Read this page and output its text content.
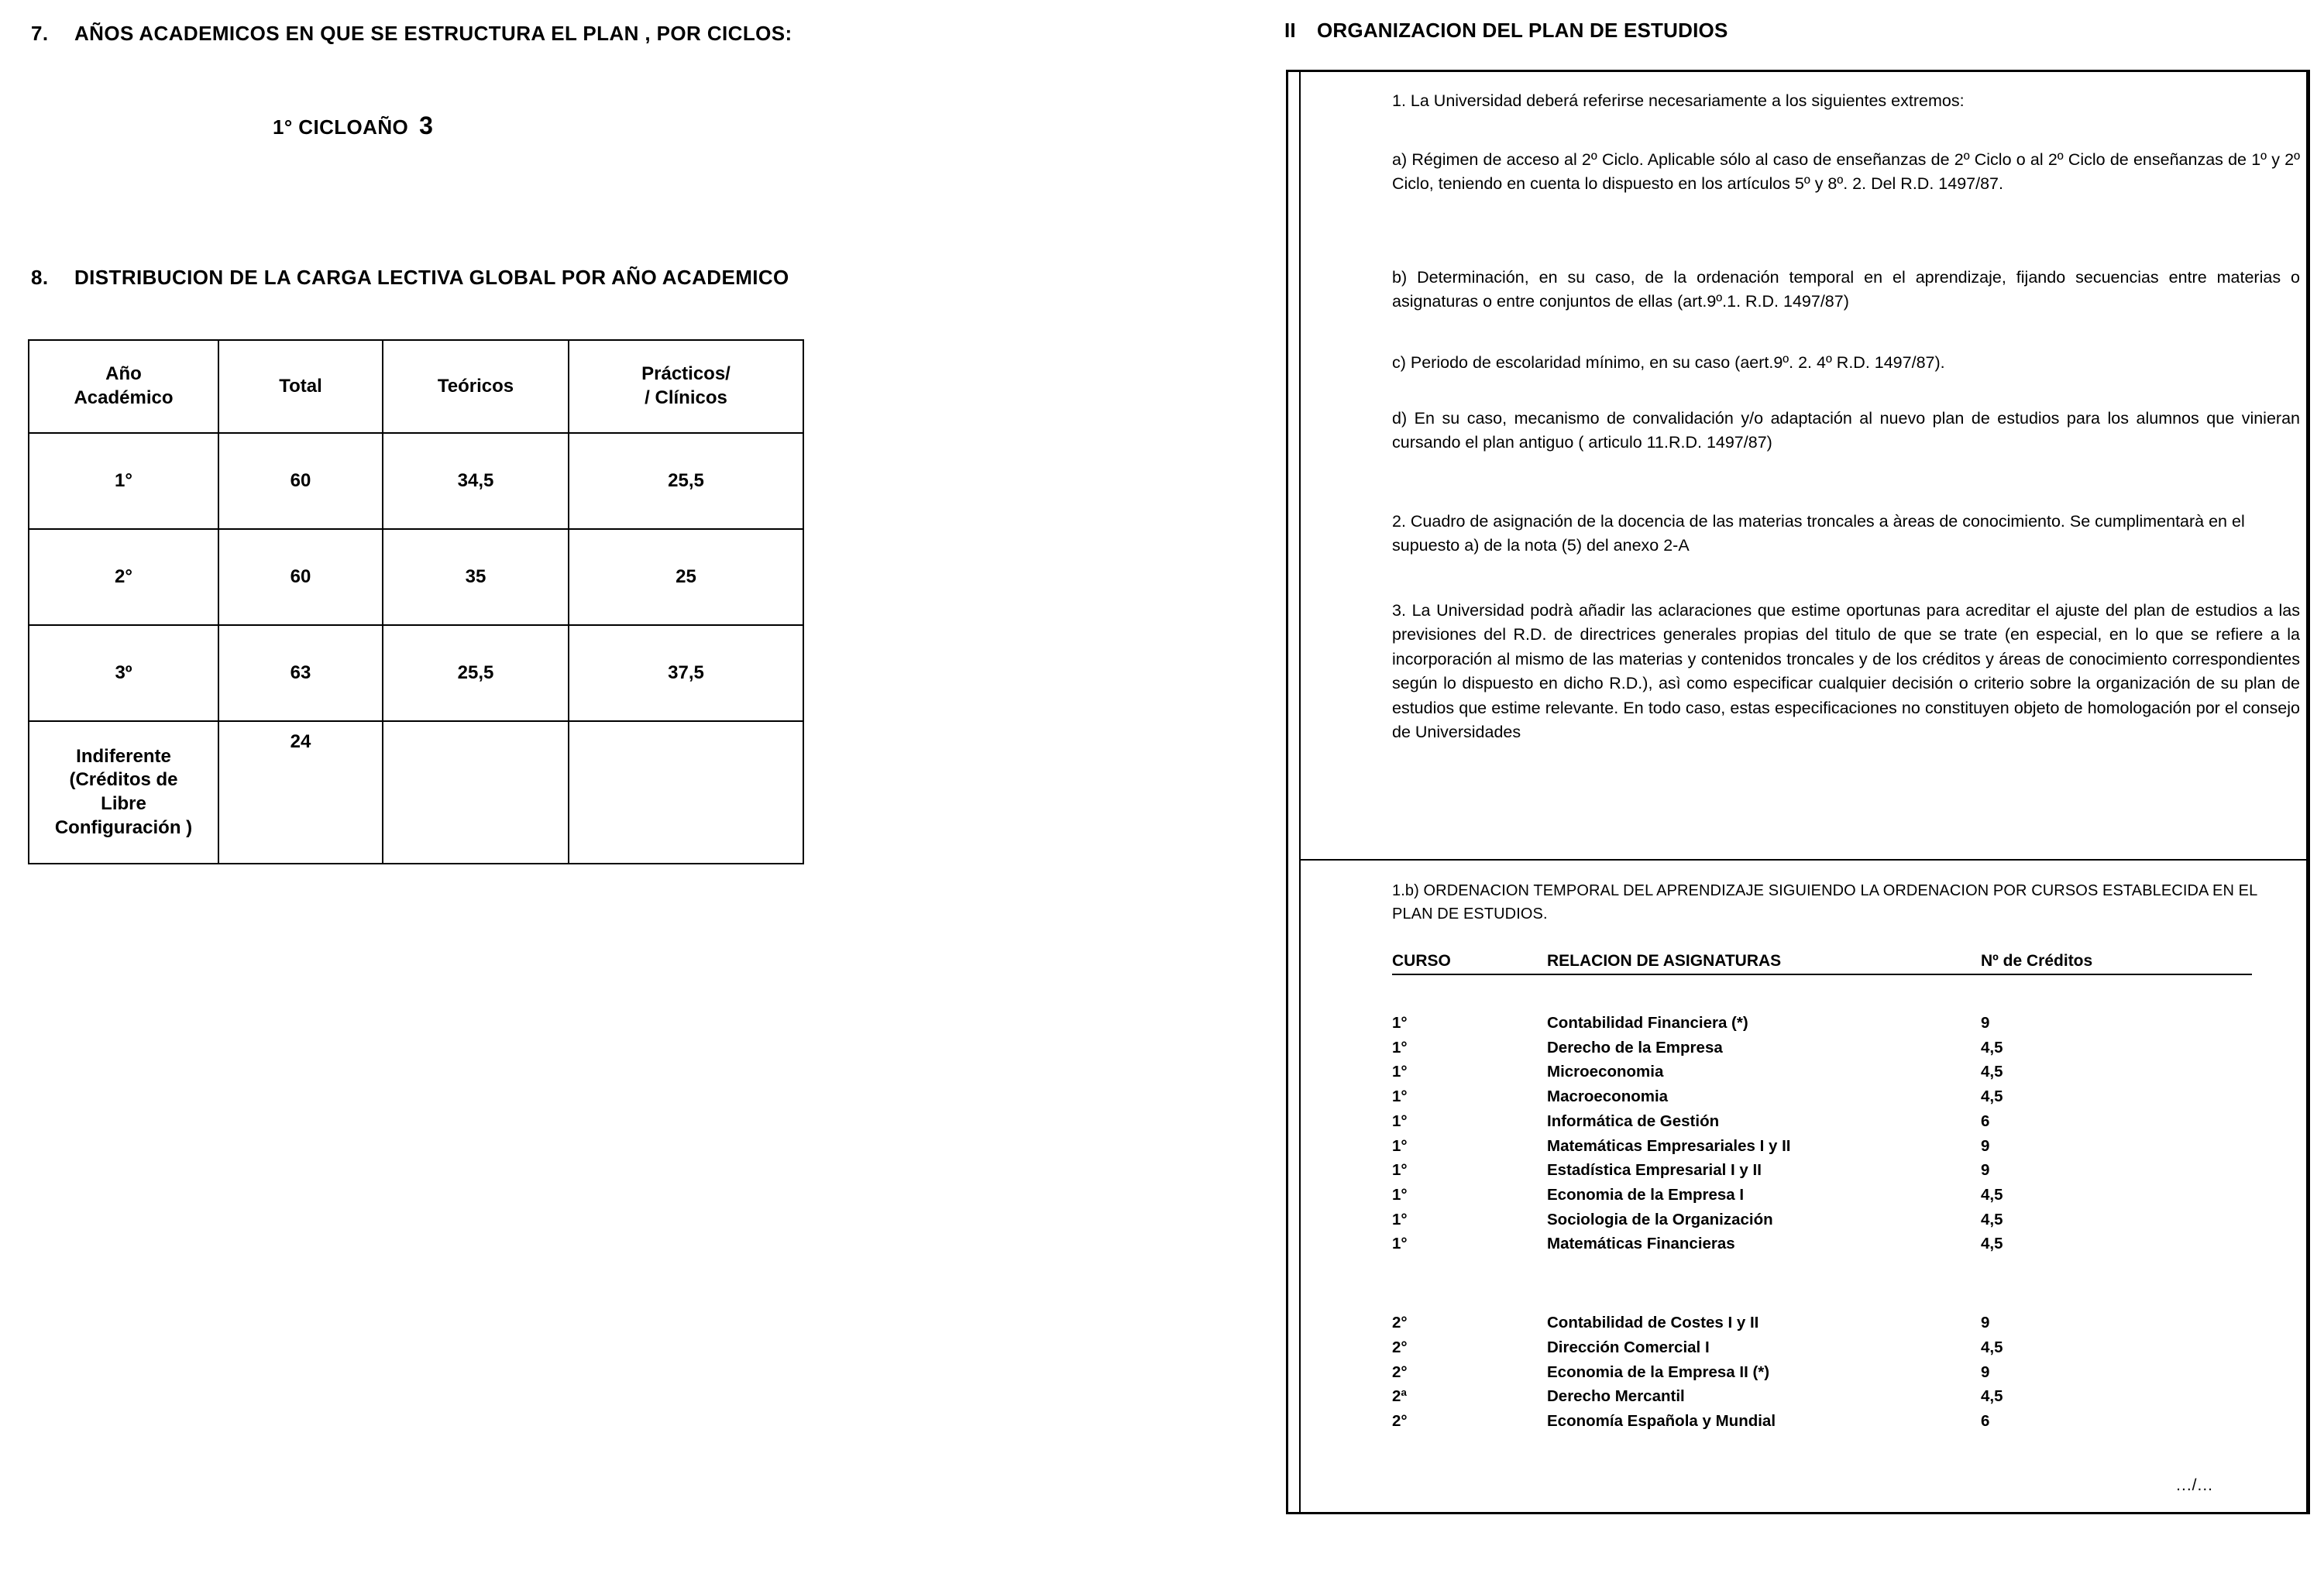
7. AÑOS ACADEMICOS EN QUE SE ESTRUCTURA EL PLAN , POR CICLOS:
1° CICLOAÑO 3
8. DISTRIBUCION DE LA CARGA LECTIVA GLOBAL POR AÑO ACADEMICO
Año
Académico	Total	Teóricos	Prácticos/
/ Clínicos

1°	60	34,5	25,5
2°	60	35	25
3º	63	25,5	37,5

Indiferente
(Créditos de
Libre
Configuración )	24		
II ORGANIZACION DEL PLAN DE ESTUDIOS
1. La Universidad deberá referirse necesariamente a los siguientes extremos:
a) Régimen de acceso al 2º Ciclo. Aplicable sólo al caso de enseñanzas de 2º Ciclo o al 2º Ciclo de enseñanzas de 1º y 2º Ciclo, teniendo en cuenta lo dispuesto en los artículos 5º y 8º. 2. Del R.D. 1497/87.
b) Determinación, en su caso, de la ordenación temporal en el aprendizaje, fijando secuencias entre materias o asignaturas o entre conjuntos de ellas (art.9º.1. R.D. 1497/87)
c) Periodo de escolaridad mínimo, en su caso (aert.9º. 2. 4º R.D. 1497/87).
d) En su caso, mecanismo de convalidación y/o adaptación al nuevo plan de estudios para los alumnos que vinieran cursando el plan antiguo ( articulo 11.R.D. 1497/87)
2. Cuadro de asignación de la docencia de las materias troncales a àreas de conocimiento. Se cumplimentarà en el supuesto a) de la nota (5) del anexo 2-A
3. La Universidad podrà añadir las aclaraciones que estime oportunas para acreditar el ajuste del plan de estudios a las previsiones del R.D. de directrices generales propias del titulo de que se trate (en especial, en lo que se refiere a la incorporación al mismo de las materias y contenidos troncales y de los créditos y áreas de conocimiento correspondientes según lo dispuesto en dicho R.D.), asì como especificar cualquier decisión o criterio sobre la organización de su plan de estudios que estime relevante. En todo caso, estas especificaciones no constituyen objeto de homologación por el consejo de Universidades
1.b) ORDENACION TEMPORAL DEL APRENDIZAJE SIGUIENDO LA ORDENACION POR CURSOS ESTABLECIDA EN EL PLAN DE ESTUDIOS.
CURSO	RELACION DE ASIGNATURAS	Nº de Créditos

1°	Contabilidad Financiera (*)	9
1°	Derecho de la Empresa	4,5
1°	Microeconomia	4,5
1°	Macroeconomia	4,5
1°	Informática de Gestión	6
1°	Matemáticas Empresariales I y II	9
1°	Estadística Empresarial I y II	9
1°	Economia de la Empresa I	4,5
1°	Sociologia de la Organización	4,5
1°	Matemáticas Financieras	4,5

2°	Contabilidad de Costes I y II	9
2°	Dirección Comercial I	4,5
2°	Economia de la Empresa II (*)	9
2ª	Derecho Mercantil	4,5
2°	Economía Española y Mundial	6
.../...
